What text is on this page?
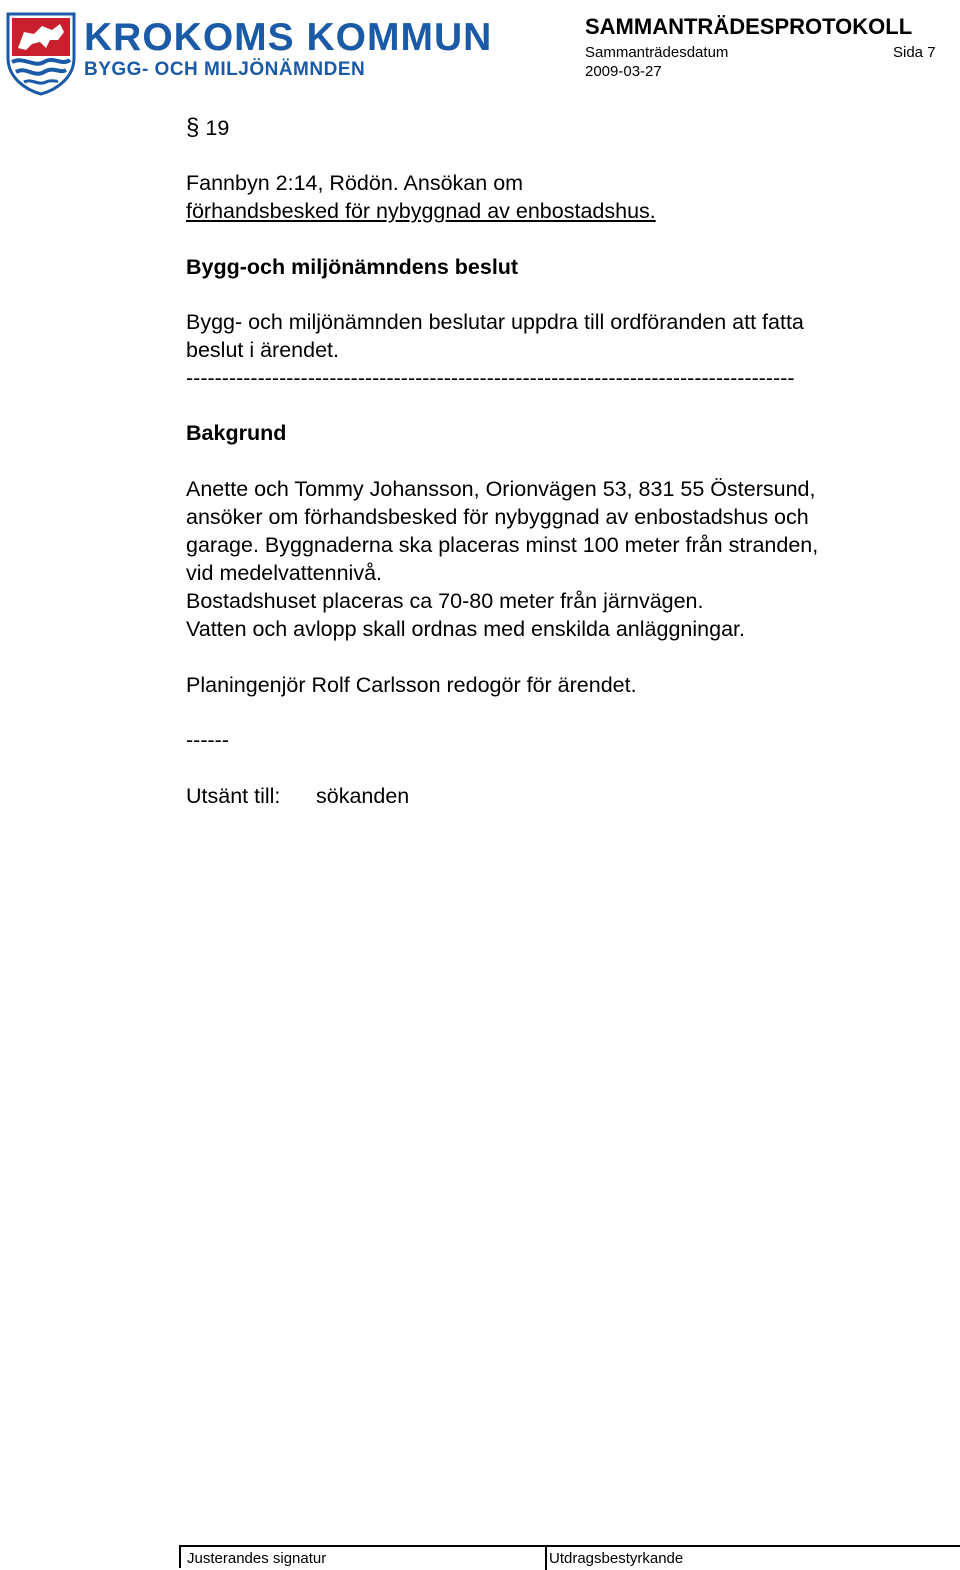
KROKOMS KOMMUN
BYGG- OCH MILJÖNÄMNDEN
SAMMANTRÄDESPROTOKOLL
Sammanträdesdatum	Sida 7
2009-03-27
§ 19
Fannbyn 2:14, Rödön. Ansökan om
förhandsbesked för nybyggnad av enbostadshus.
Bygg-och miljönämndens beslut
Bygg- och miljönämnden beslutar uppdra till ordföranden att fatta
beslut i ärendet.
-------------------------------------------------------------------------------------
Bakgrund
Anette och Tommy Johansson, Orionvägen 53, 831 55 Östersund,
ansöker om förhandsbesked för nybyggnad av enbostadshus och
garage. Byggnaderna ska placeras minst 100 meter från stranden,
vid medelvattennivå.
Bostadshuset placeras ca 70-80 meter från järnvägen.
Vatten och avlopp skall ordnas med enskilda anläggningar.
Planingenjör Rolf Carlsson redogör för ärendet.
------
Utsänt till: sökanden
Justerandes signatur	Utdragsbestyrkande
